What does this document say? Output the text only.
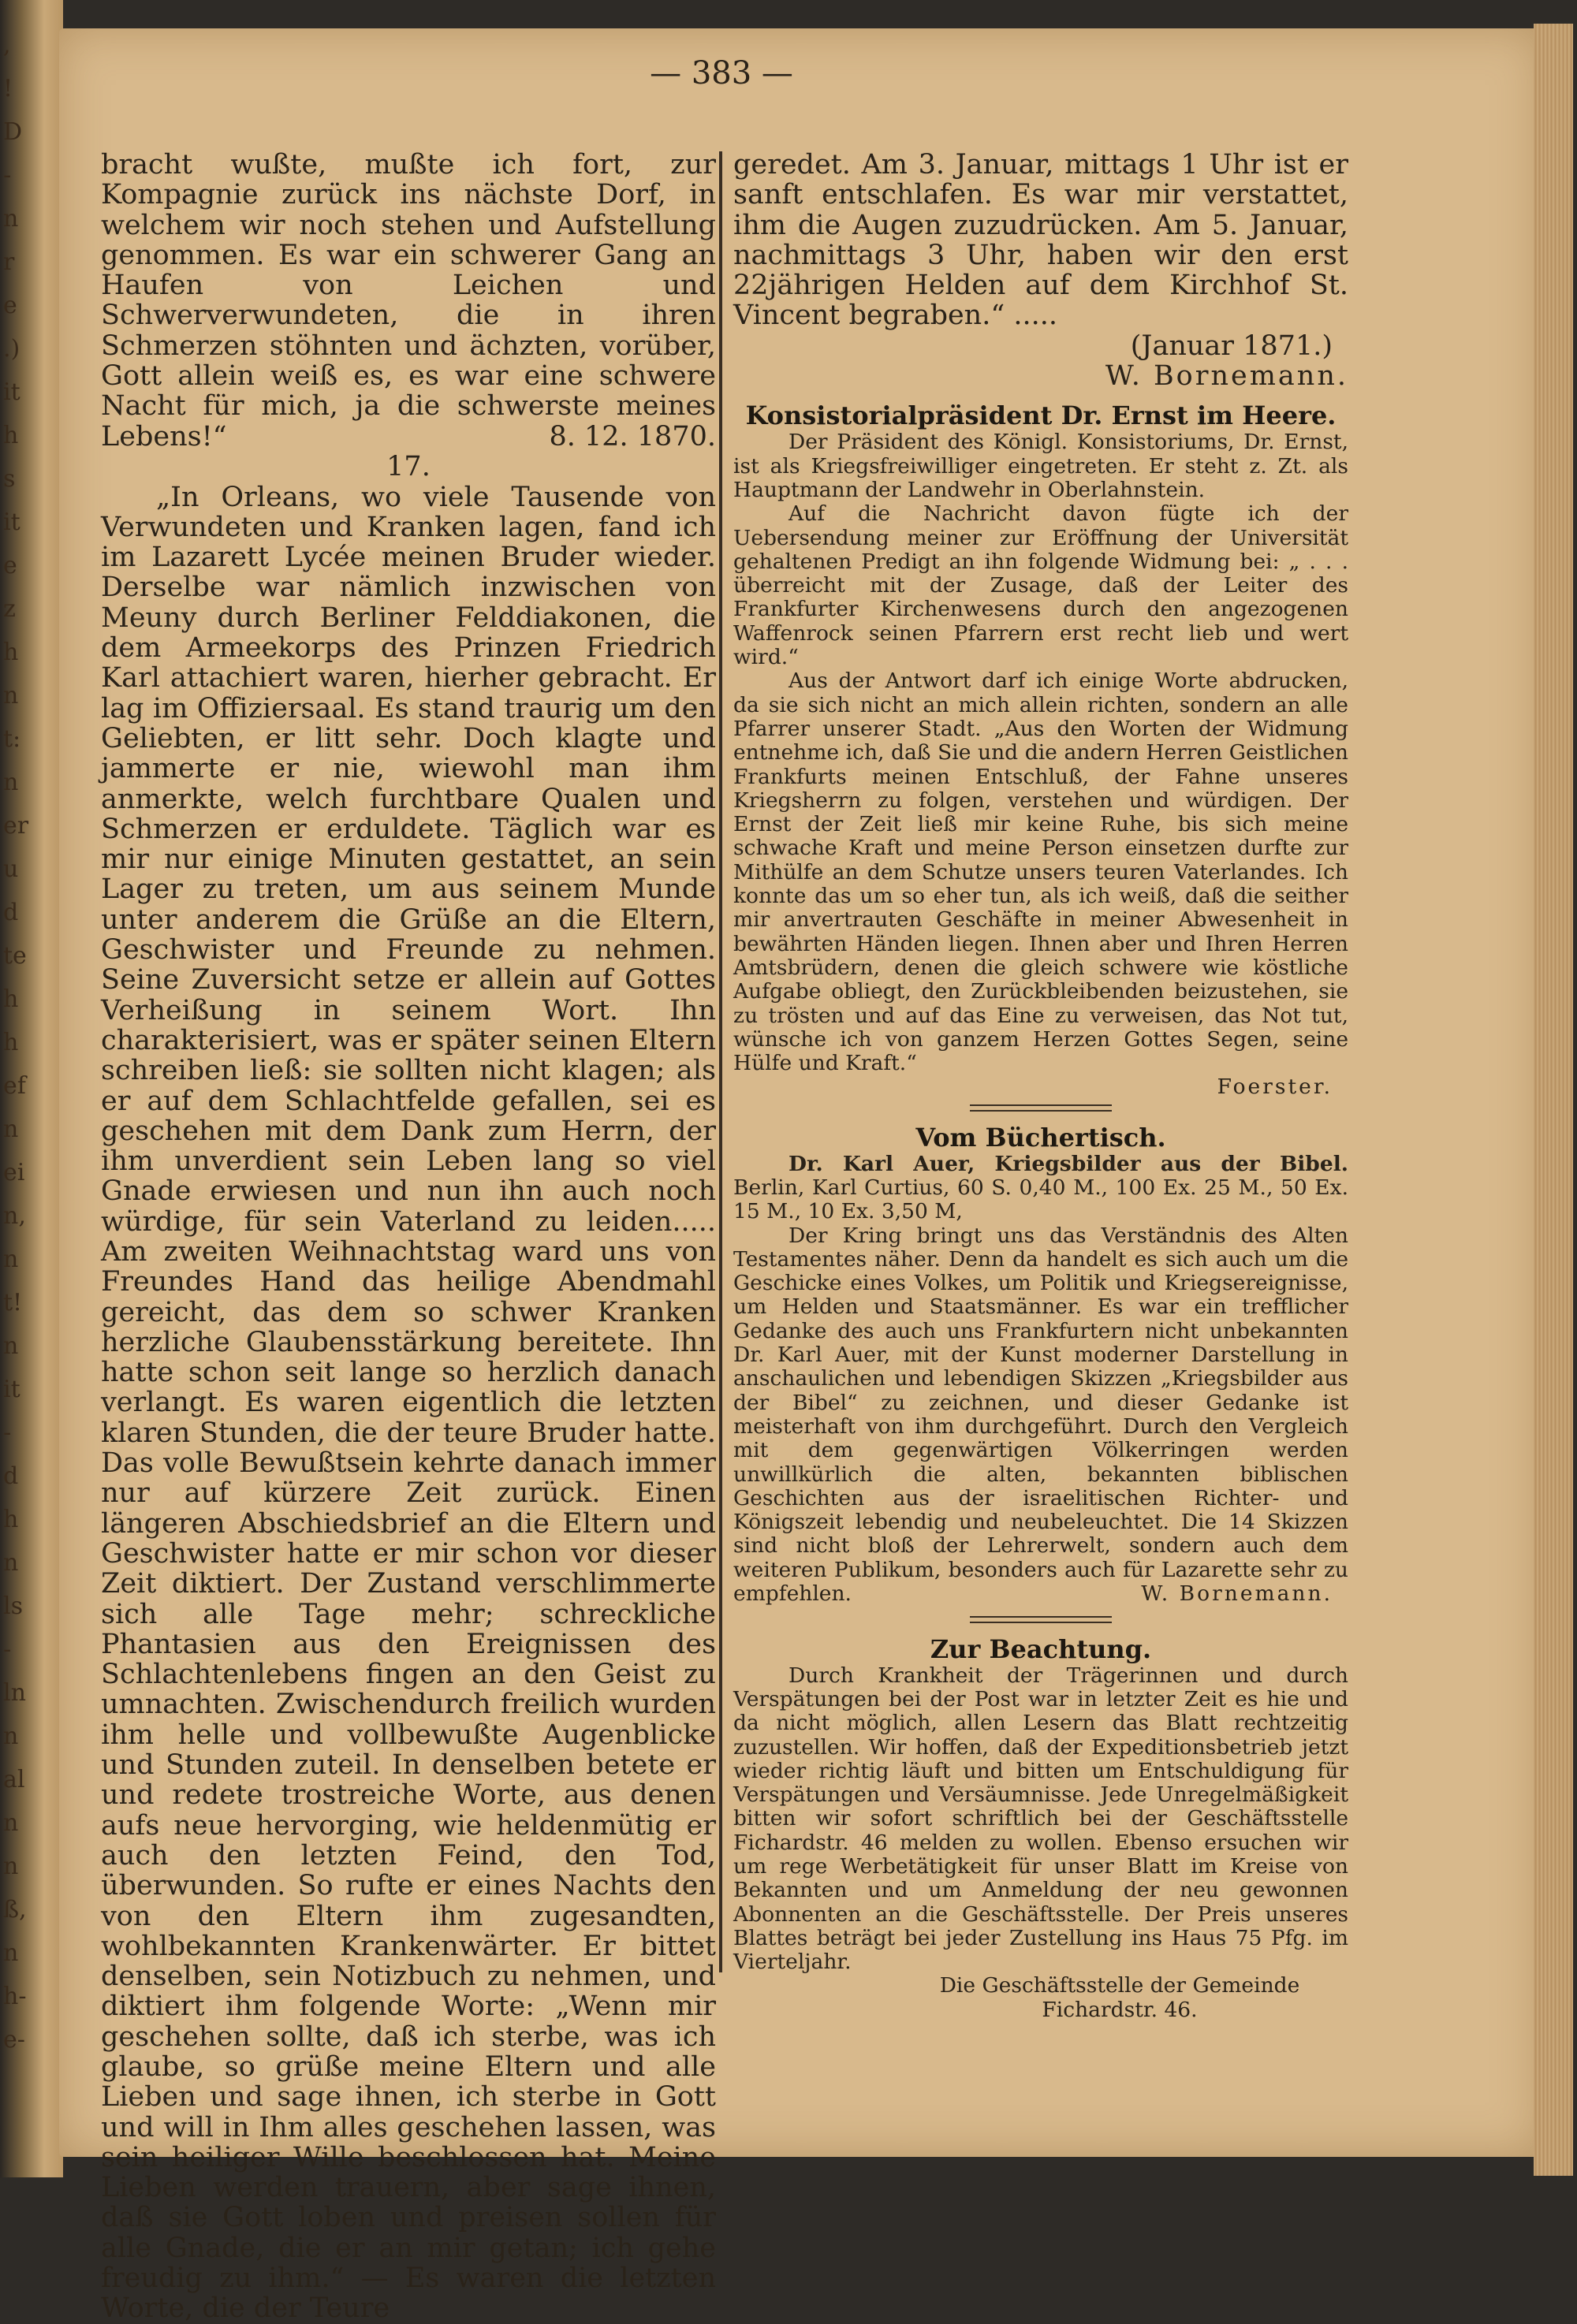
,
!
D
-
n
r
e
.)
it
h
s
it
e
z
h
n
t:
n
er
u
d
te
h
h
ef
n
ei
n,
n
t!
n
it
-
d
h
n
ls
-
ln
n
al
n
n
ß,
n
h-
e-
— 383 —

bracht wußte, mußte ich fort, zur Kompagnie zurück ins nächste Dorf, in welchem wir noch stehen und Aufstellung genommen. Es war ein schwerer Gang an Haufen von Leichen und Schwerverwundeten, die in ihren Schmerzen stöhnten und ächzten, vorüber, Gott allein weiß es, es war eine schwere Nacht für mich, ja die schwerste meines Lebens!“	8. 12. 1870.

17.

„In Orleans, wo viele Tausende von Verwundeten und Kranken lagen, fand ich im Lazarett Lycée meinen Bruder wieder. Derselbe war nämlich inzwischen von Meuny durch Berliner Felddiakonen, die dem Armeekorps des Prinzen Friedrich Karl attachiert waren, hierher gebracht. Er lag im Offiziersaal. Es stand traurig um den Geliebten, er litt sehr. Doch klagte und jammerte er nie, wiewohl man ihm anmerkte, welch furchtbare Qualen und Schmerzen er erduldete. Täglich war es mir nur einige Minuten gestattet, an sein Lager zu treten, um aus seinem Munde unter anderem die Grüße an die Eltern, Geschwister und Freunde zu nehmen. Seine Zuversicht setze er allein auf Gottes Verheißung in seinem Wort. Ihn charakterisiert, was er später seinen Eltern schreiben ließ: sie sollten nicht klagen; als er auf dem Schlachtfelde gefallen, sei es geschehen mit dem Dank zum Herrn, der ihm unverdient sein Leben lang so viel Gnade erwiesen und nun ihn auch noch würdige, für sein Vaterland zu leiden..... Am zweiten Weihnachtstag ward uns von Freundes Hand das heilige Abendmahl gereicht, das dem so schwer Kranken herzliche Glaubensstärkung bereitete. Ihn hatte schon seit lange so herzlich danach verlangt. Es waren eigentlich die letzten klaren Stunden, die der teure Bruder hatte. Das volle Bewußtsein kehrte danach immer nur auf kürzere Zeit zurück. Einen längeren Abschiedsbrief an die Eltern und Geschwister hatte er mir schon vor dieser Zeit diktiert. Der Zustand verschlimmerte sich alle Tage mehr; schreckliche Phantasien aus den Ereignissen des Schlachtenlebens fingen an den Geist zu umnachten. Zwischendurch freilich wurden ihm helle und vollbewußte Augenblicke und Stunden zuteil. In denselben betete er und redete trostreiche Worte, aus denen aufs neue hervorging, wie heldenmütig er auch den letzten Feind, den Tod, überwunden. So rufte er eines Nachts den von den Eltern ihm zugesandten, wohlbekannten Krankenwärter. Er bittet denselben, sein Notizbuch zu nehmen, und diktiert ihm folgende Worte: „Wenn mir geschehen sollte, daß ich sterbe, was ich glaube, so grüße meine Eltern und alle Lieben und sage ihnen, ich sterbe in Gott und will in Ihm alles geschehen lassen, was sein heiliger Wille beschlossen hat. Meine Lieben werden trauern, aber sage ihnen, daß sie Gott loben und preisen sollen für alle Gnade, die er an mir getan; ich gehe freudig zu ihm.“ — Es waren die letzten Worte, die der Teure

geredet. Am 3. Januar, mittags 1 Uhr ist er sanft entschlafen. Es war mir verstattet, ihm die Augen zuzudrücken. Am 5. Januar, nachmittags 3 Uhr, haben wir den erst 22jährigen Helden auf dem Kirchhof St. Vincent begraben.“ .....

(Januar 1871.)

W. Bornemann.

Konsistorialpräsident Dr. Ernst im Heere.

Der Präsident des Königl. Konsistoriums, Dr. Ernst, ist als Kriegsfreiwilliger eingetreten. Er steht z. Zt. als Hauptmann der Landwehr in Oberlahnstein.

Auf die Nachricht davon fügte ich der Uebersendung meiner zur Eröffnung der Universität gehaltenen Predigt an ihn folgende Widmung bei: „ . . . überreicht mit der Zusage, daß der Leiter des Frankfurter Kirchenwesens durch den angezogenen Waffenrock seinen Pfarrern erst recht lieb und wert wird.“

Aus der Antwort darf ich einige Worte abdrucken, da sie sich nicht an mich allein richten, sondern an alle Pfarrer unserer Stadt. „Aus den Worten der Widmung entnehme ich, daß Sie und die andern Herren Geistlichen Frankfurts meinen Entschluß, der Fahne unseres Kriegsherrn zu folgen, verstehen und würdigen. Der Ernst der Zeit ließ mir keine Ruhe, bis sich meine schwache Kraft und meine Person einsetzen durfte zur Mithülfe an dem Schutze unsers teuren Vaterlandes. Ich konnte das um so eher tun, als ich weiß, daß die seither mir anvertrauten Geschäfte in meiner Abwesenheit in bewährten Händen liegen. Ihnen aber und Ihren Herren Amtsbrüdern, denen die gleich schwere wie köstliche Aufgabe obliegt, den Zurückbleibenden beizustehen, sie zu trösten und auf das Eine zu verweisen, das Not tut, wünsche ich von ganzem Herzen Gottes Segen, seine Hülfe und Kraft.“

Foerster.

Vom Büchertisch.

Dr. Karl Auer, Kriegsbilder aus der Bibel. Berlin, Karl Curtius, 60 S. 0,40 M., 100 Ex. 25 M., 50 Ex. 15 M., 10 Ex. 3,50 M,

Der Kring bringt uns das Verständnis des Alten Testamentes näher. Denn da handelt es sich auch um die Geschicke eines Volkes, um Politik und Kriegsereignisse, um Helden und Staatsmänner. Es war ein trefflicher Gedanke des auch uns Frankfurtern nicht unbekannten Dr. Karl Auer, mit der Kunst moderner Darstellung in anschaulichen und lebendigen Skizzen „Kriegsbilder aus der Bibel“ zu zeichnen, und dieser Gedanke ist meisterhaft von ihm durchgeführt. Durch den Vergleich mit dem gegenwärtigen Völkerringen werden unwillkürlich die alten, bekannten biblischen Geschichten aus der israelitischen Richter- und Königszeit lebendig und neubeleuchtet. Die 14 Skizzen sind nicht bloß der Lehrerwelt, sondern auch dem weiteren Publikum, besonders auch für Lazarette sehr zu empfehlen.	W. Bornemann.

Zur Beachtung.

Durch Krankheit der Trägerinnen und durch Verspätungen bei der Post war in letzter Zeit es hie und da nicht möglich, allen Lesern das Blatt rechtzeitig zuzustellen. Wir hoffen, daß der Expeditionsbetrieb jetzt wieder richtig läuft und bitten um Entschuldigung für Verspätungen und Versäumnisse. Jede Unregelmäßigkeit bitten wir sofort schriftlich bei der Geschäftsstelle Fichardstr. 46 melden zu wollen. Ebenso ersuchen wir um rege Werbetätigkeit für unser Blatt im Kreise von Bekannten und um Anmeldung der neu gewonnen Abonnenten an die Geschäftsstelle. Der Preis unseres Blattes beträgt bei jeder Zustellung ins Haus 75 Pfg. im Vierteljahr.

Die Geschäftsstelle der Gemeinde

Fichardstr. 46.
